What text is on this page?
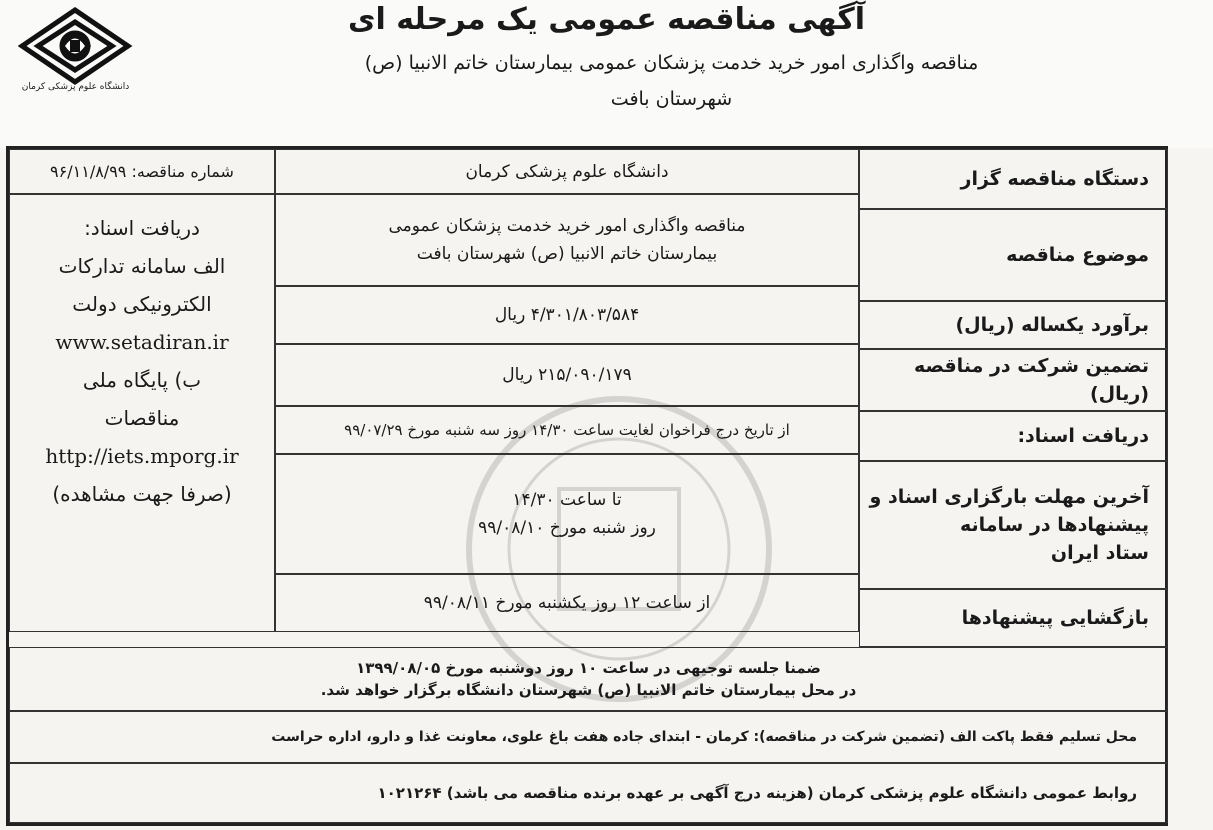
دانشگاه علوم پزشکی کرمان
آگهی مناقصه عمومی یک مرحله ای
مناقصه واگذاری امور خرید خدمت پزشکان عمومی بیمارستان خاتم الانبیا (ص)
شهرستان بافت
دستگاه مناقصه گزار
دانشگاه علوم پزشکی کرمان
شماره مناقصه: ۹۶/۱۱/۸/۹۹
موضوع مناقصه
مناقصه واگذاری امور خرید خدمت پزشکان عمومی
بیمارستان خاتم الانبیا (ص) شهرستان بافت
برآورد یکساله (ریال)
۴/۳۰۱/۸۰۳/۵۸۴ ریال
تضمین شرکت در مناقصه (ریال)
۲۱۵/۰۹۰/۱۷۹ ریال
دریافت اسناد:
از تاریخ درج فراخوان لغایت ساعت ۱۴/۳۰ روز سه شنبه مورخ ۹۹/۰۷/۲۹
آخرین مهلت بارگزاری اسناد و
پیشنهادها در سامانه
ستاد ایران
تا ساعت ۱۴/۳۰
روز شنبه مورخ ۹۹/۰۸/۱۰
بازگشایی پیشنهادها
از ساعت ۱۲ روز یکشنبه مورخ ۹۹/۰۸/۱۱
دریافت اسناد:
الف سامانه تدارکات
الکترونیکی دولت
www.setadiran.ir
ب) پایگاه ملی
مناقصات
http://iets.mporg.ir
(صرفا جهت مشاهده)
ضمنا جلسه توجیهی در ساعت ۱۰ روز دوشنبه مورخ ۱۳۹۹/۰۸/۰۵
در محل بیمارستان خاتم الانبیا (ص) شهرستان دانشگاه برگزار خواهد شد.
محل تسلیم فقط پاکت الف (تضمین شرکت در مناقصه): کرمان - ابتدای جاده هفت باغ علوی، معاونت غذا و دارو، اداره حراست
روابط عمومی دانشگاه علوم پزشکی کرمان (هزینه درج آگهی بر عهده برنده مناقصه می باشد) ۱۰۲۱۲۶۴
